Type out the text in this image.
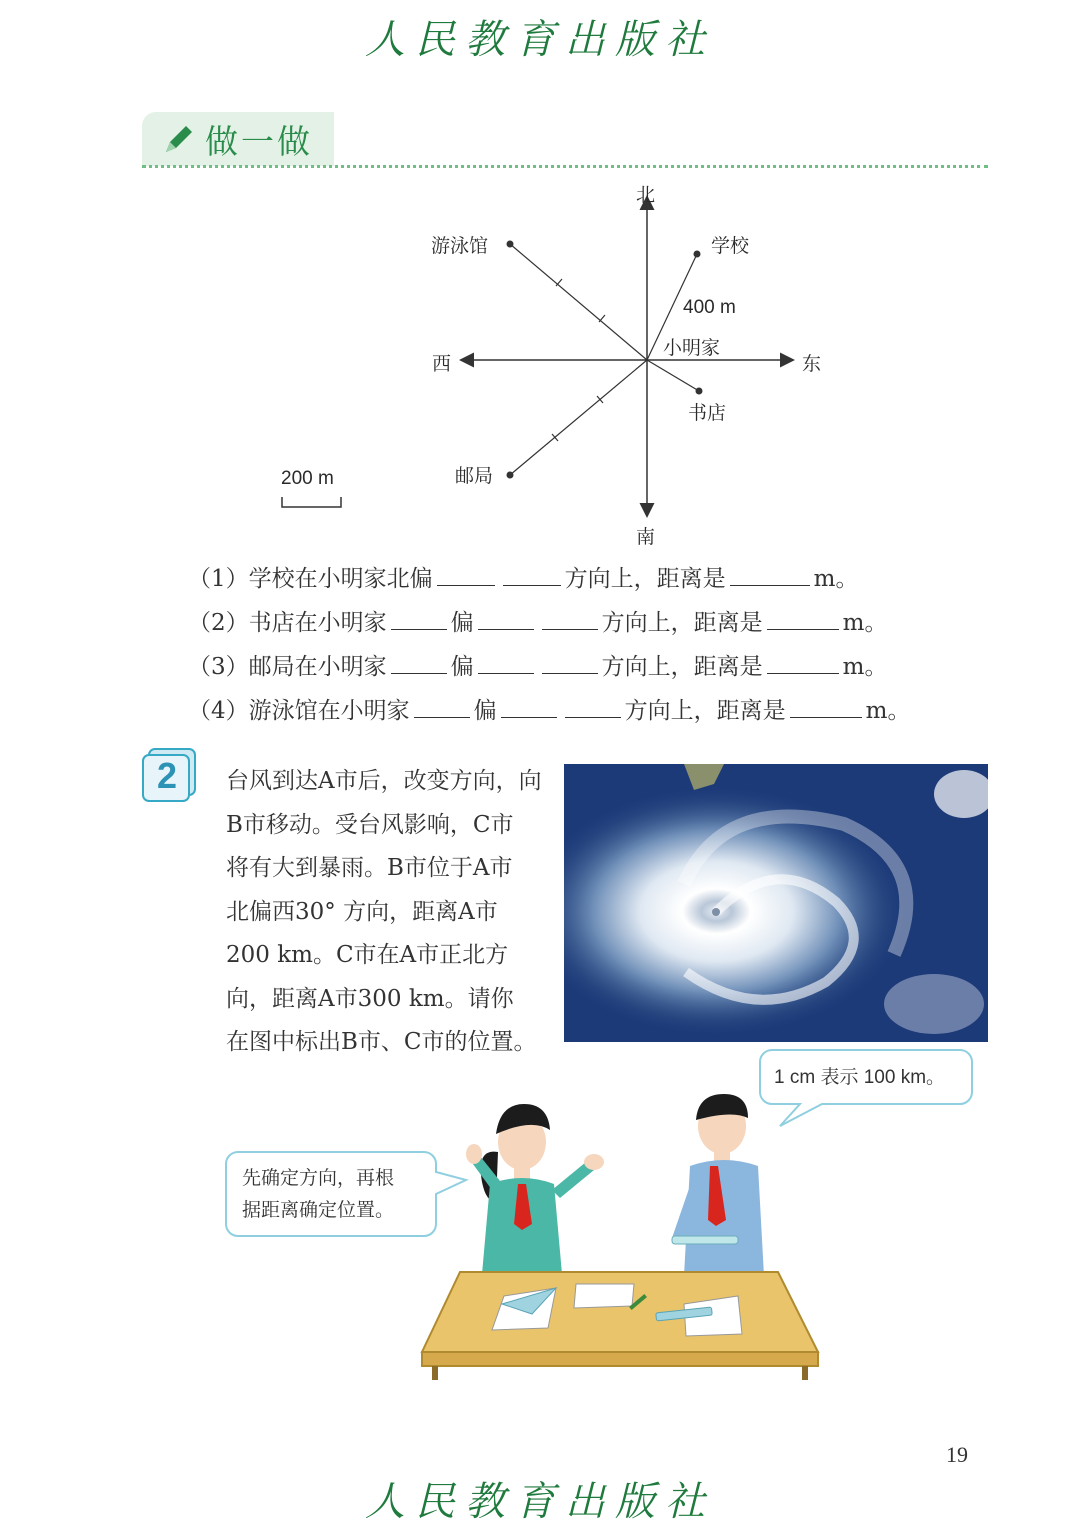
人民教育出版社
做一做
北
南
东
西
小明家
学校
400 m
游泳馆
书店
邮局
200 m
（1）学校在小明家北偏	方向上，距离是	m。
（2）书店在小明家	偏	方向上，距离是	m。
（3）邮局在小明家	偏	方向上，距离是	m。
（4）游泳馆在小明家	偏	方向上，距离是	m。
2	台风到达A市后，改变方向，向
B市移动。受台风影响，C市
将有大到暴雨。B市位于A市
北偏西30° 方向，距离A市
200 km。C市在A市正北方
向，距离A市300 km。请你
在图中标出B市、C市的位置。
1 cm 表示 100 km。
先确定方向，再根
据距离确定位置。
19
人民教育出版社
